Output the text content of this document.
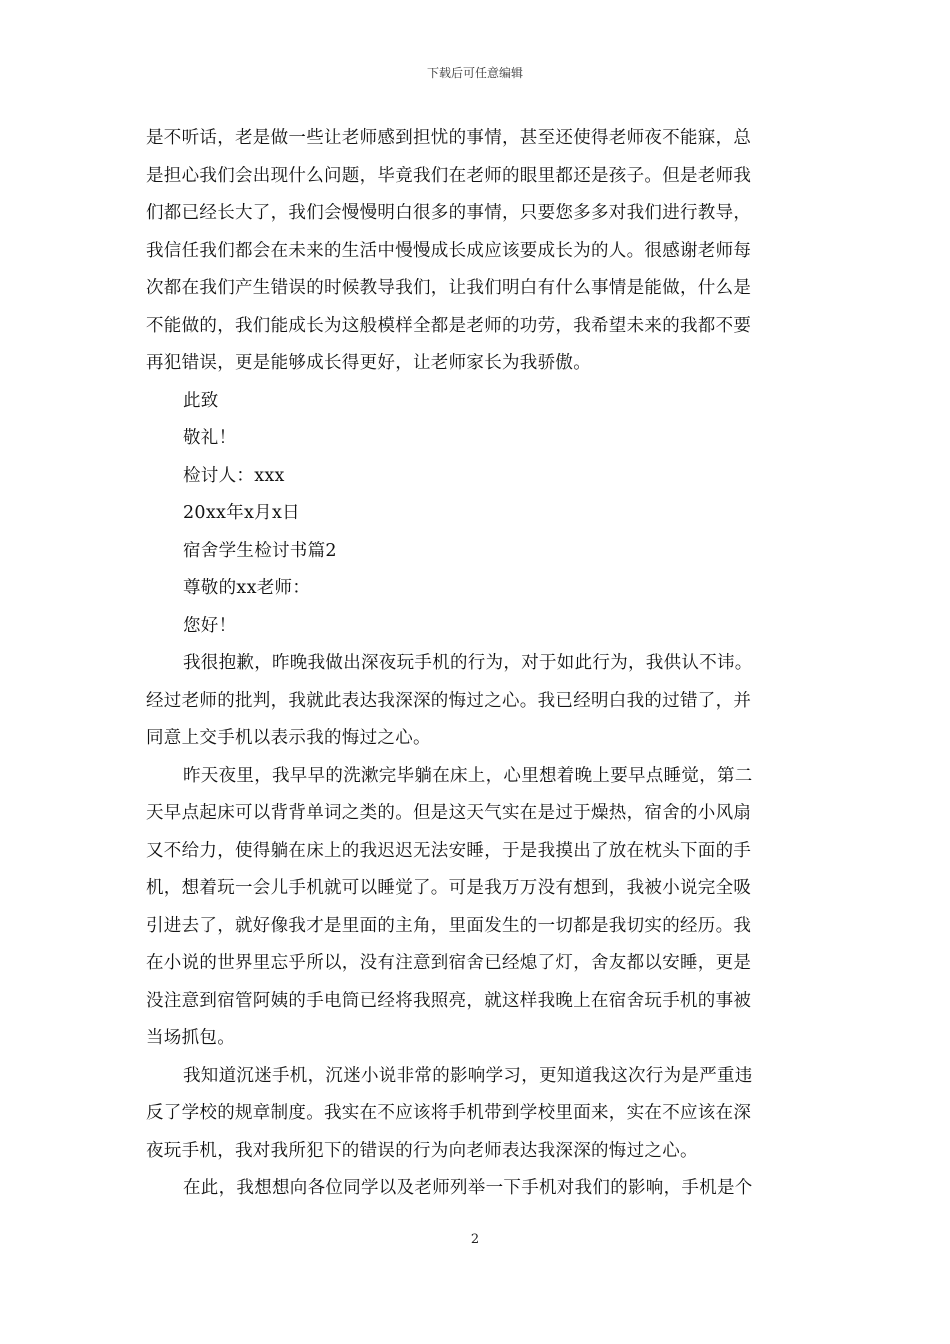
下载后可任意编辑
是不听话，老是做一些让老师感到担忧的事情，甚至还使得老师夜不能寐，总
是担心我们会出现什么问题，毕竟我们在老师的眼里都还是孩子。但是老师我
们都已经长大了，我们会慢慢明白很多的事情，只要您多多对我们进行教导，
我信任我们都会在未来的生活中慢慢成长成应该要成长为的人。很感谢老师每
次都在我们产生错误的时候教导我们，让我们明白有什么事情是能做，什么是
不能做的，我们能成长为这般模样全都是老师的功劳，我希望未来的我都不要
再犯错误，更是能够成长得更好，让老师家长为我骄傲。
此致
敬礼！
检讨人：xxx
20xx年x月x日
宿舍学生检讨书篇2
尊敬的xx老师：
您好！
我很抱歉，昨晚我做出深夜玩手机的行为，对于如此行为，我供认不讳。
经过老师的批判，我就此表达我深深的悔过之心。我已经明白我的过错了，并
同意上交手机以表示我的悔过之心。
昨天夜里，我早早的洗漱完毕躺在床上，心里想着晚上要早点睡觉，第二
天早点起床可以背背单词之类的。但是这天气实在是过于燥热，宿舍的小风扇
又不给力，使得躺在床上的我迟迟无法安睡，于是我摸出了放在枕头下面的手
机，想着玩一会儿手机就可以睡觉了。可是我万万没有想到，我被小说完全吸
引进去了，就好像我才是里面的主角，里面发生的一切都是我切实的经历。我
在小说的世界里忘乎所以，没有注意到宿舍已经熄了灯，舍友都以安睡，更是
没注意到宿管阿姨的手电筒已经将我照亮，就这样我晚上在宿舍玩手机的事被
当场抓包。
我知道沉迷手机，沉迷小说非常的影响学习，更知道我这次行为是严重违
反了学校的规章制度。我实在不应该将手机带到学校里面来，实在不应该在深
夜玩手机，我对我所犯下的错误的行为向老师表达我深深的悔过之心。
在此，我想想向各位同学以及老师列举一下手机对我们的影响，手机是个
2
